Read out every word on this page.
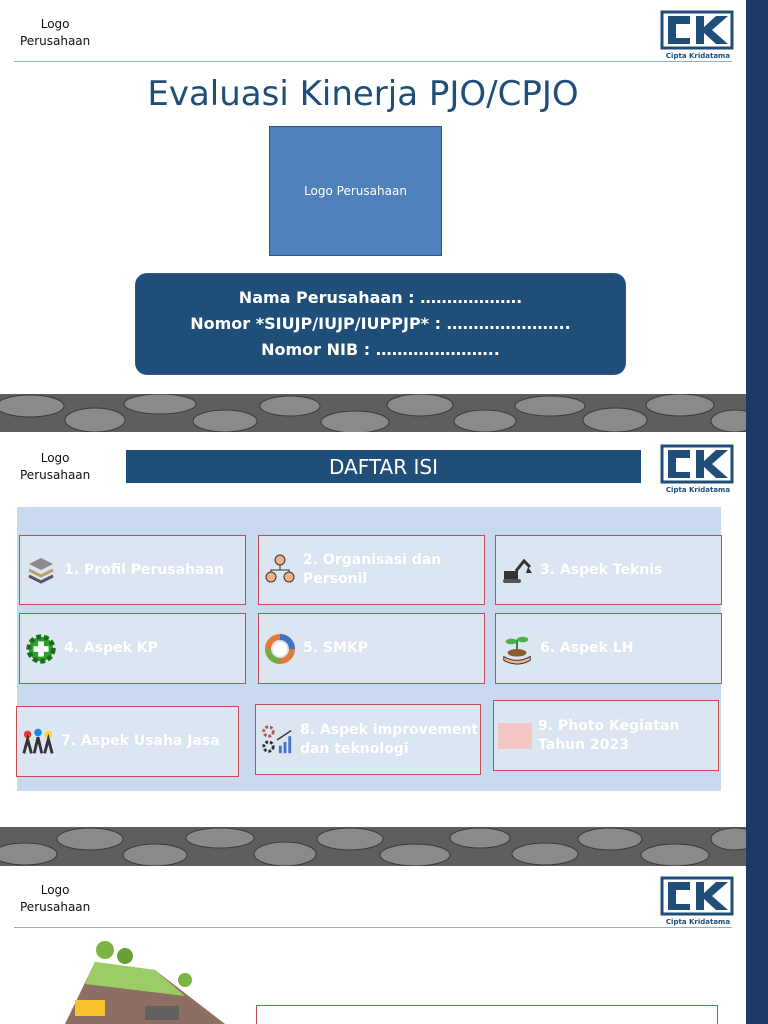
Logo
Perusahaan
Cipta Kridatama
Evaluasi Kinerja PJO/CPJO
Logo Perusahaan
Nama Perusahaan : ……………….
Nomor *SIUJP/IUJP/IUPPJP* : …………………..
Nomor NIB : …………………..
Logo
Perusahaan
Cipta Kridatama
DAFTAR ISI
1. Profil Perusahaan
2. Organisasi dan Personil
3. Aspek Teknis
4. Aspek KP	5. SMKP	6. Aspek LH
7. Aspek Usaha Jasa
8. Aspek improvement dan teknologi
9. Photo Kegiatan Tahun 2023
Logo
Perusahaan
Cipta Kridatama
